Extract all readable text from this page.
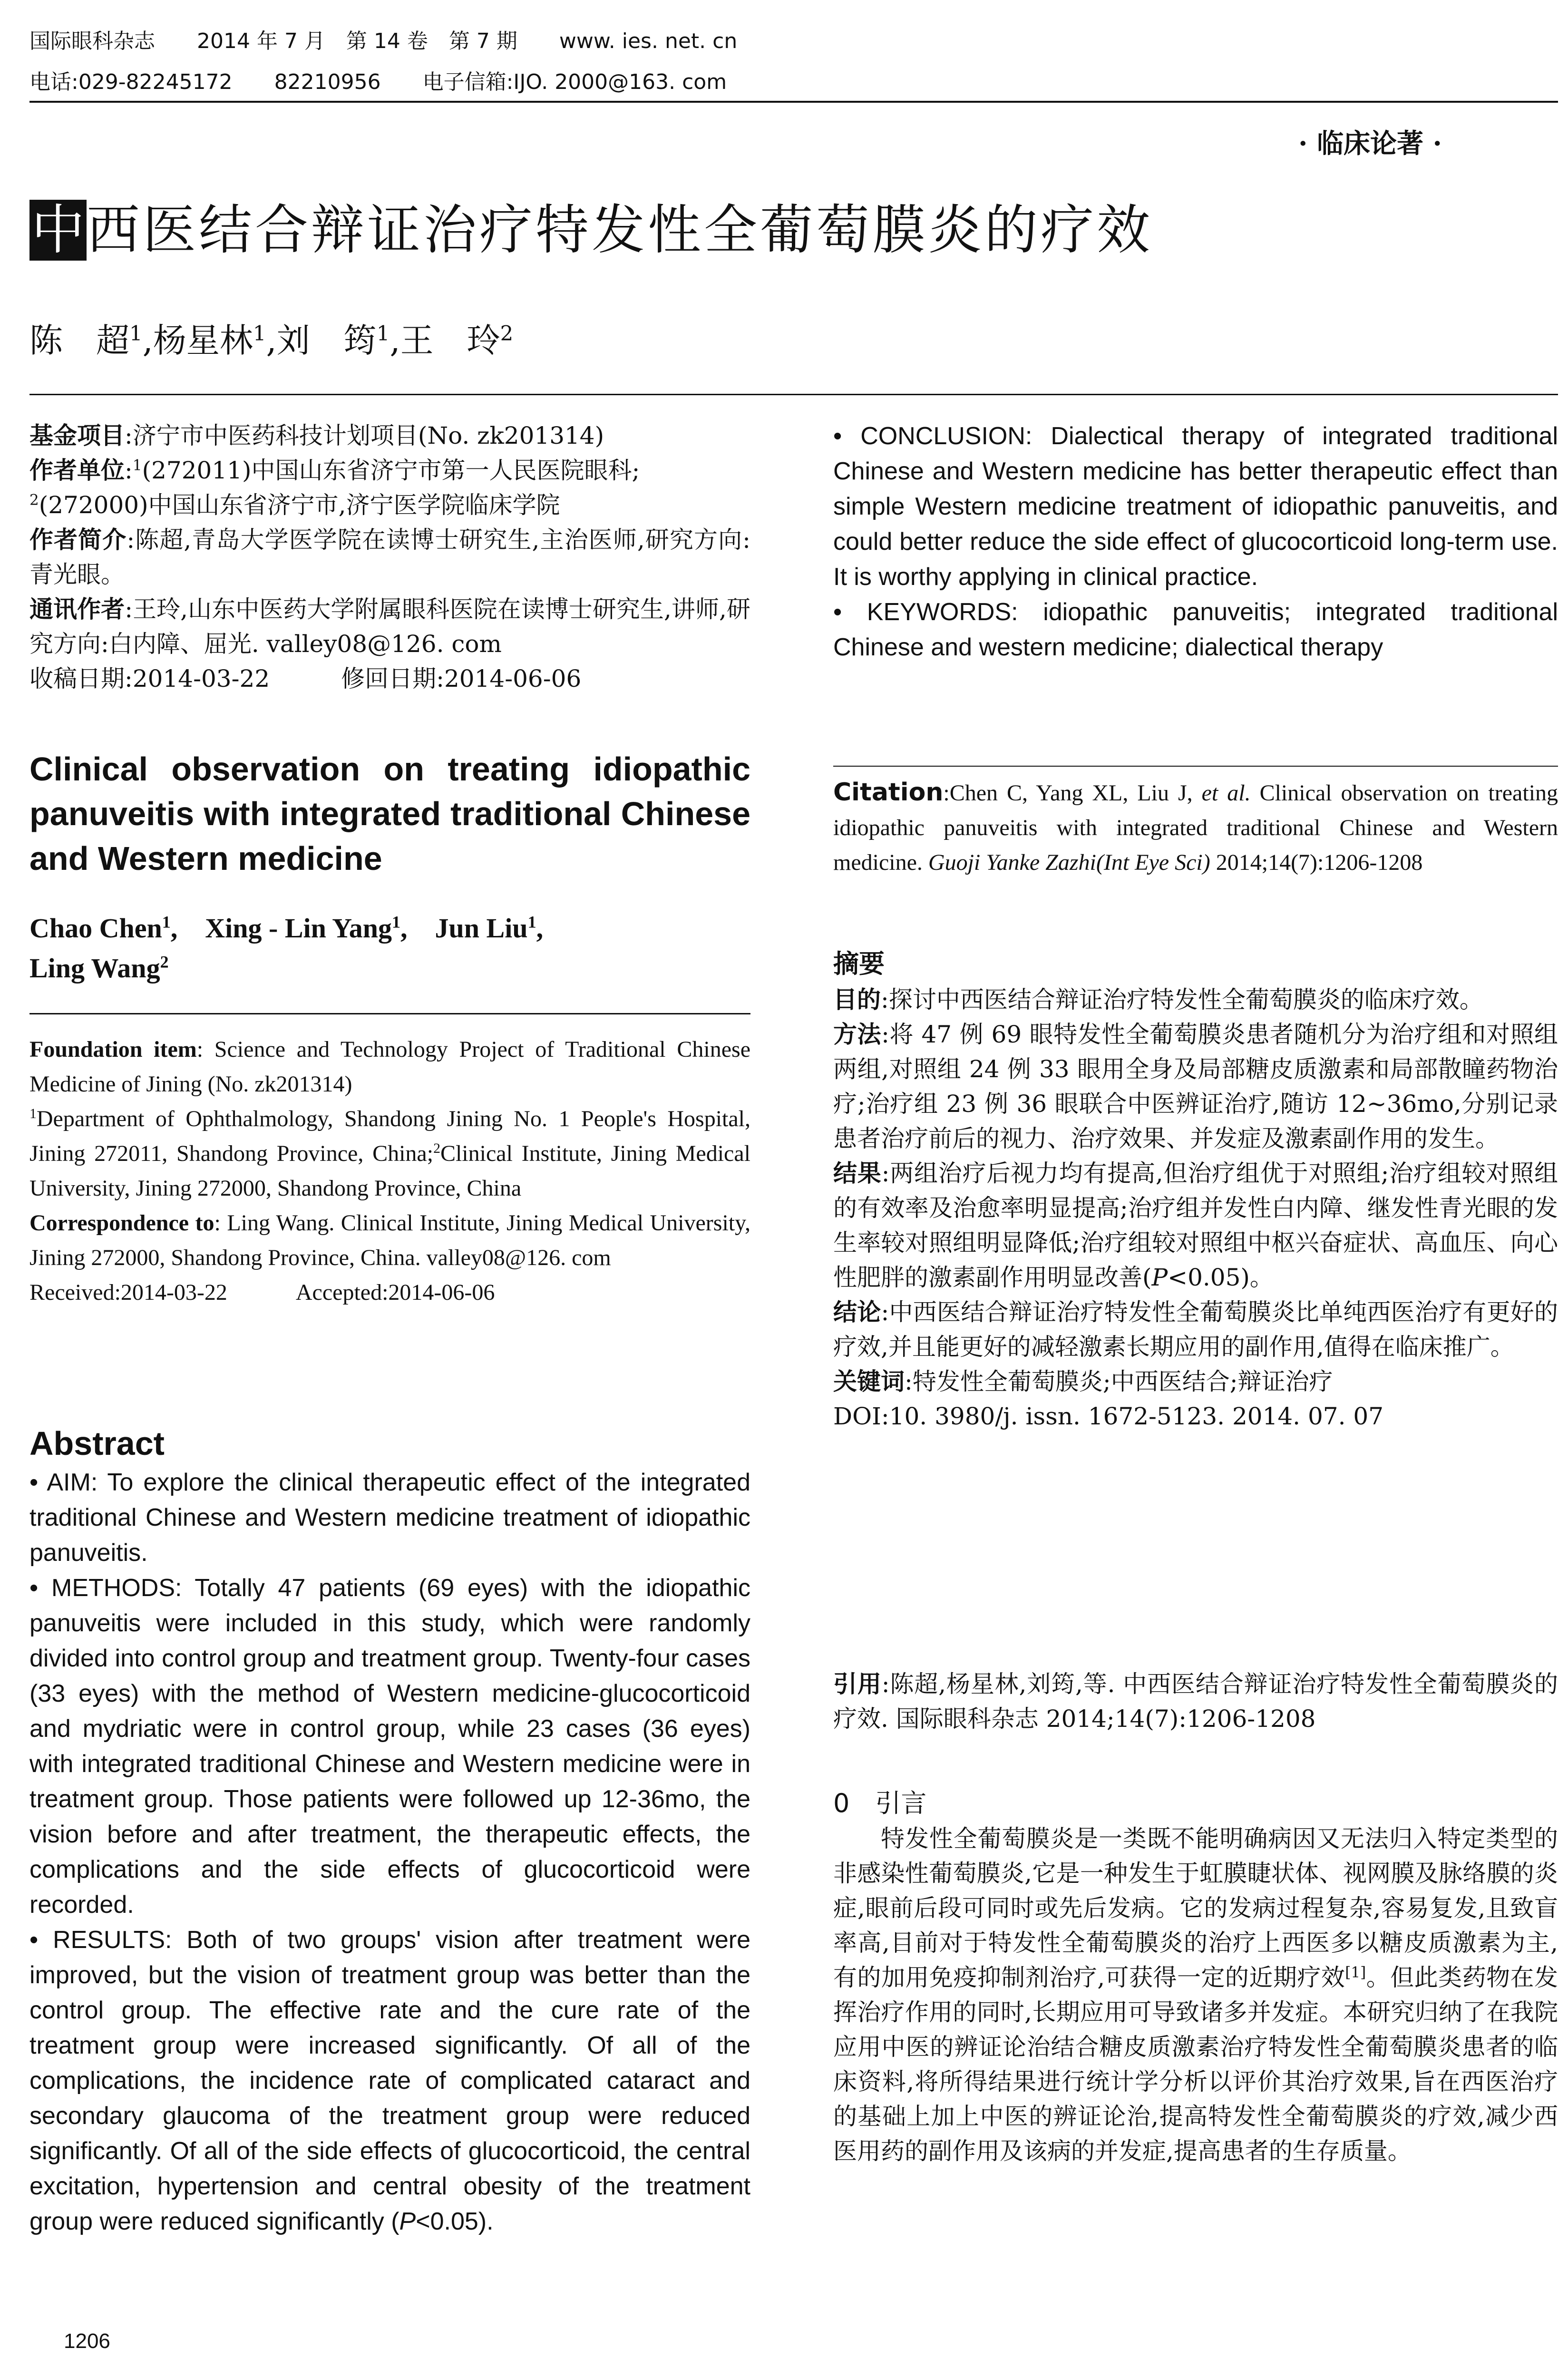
国际眼科杂志　　2014 年 7 月　第 14 卷　第 7 期　　www. ies. net. cn
电话:029-82245172　　82210956　　电子信箱:IJO. 2000@163. com
· 临床论著 ·
中西医结合辩证治疗特发性全葡萄膜炎的疗效
陈　超$^1$,杨星林$^1$,刘　筠$^1$,王　玲$^2$

基金项目:济宁市中医药科技计划项目(No. zk201314)

作者单位:$^1$(272011)中国山东省济宁市第一人民医院眼科;
$^2$(272000)中国山东省济宁市,济宁医学院临床学院

作者简介:陈超,青岛大学医学院在读博士研究生,主治医师,研究方向:青光眼。

通讯作者:王玲,山东中医药大学附属眼科医院在读博士研究生,讲师,研究方向:白内障、屈光. valley08@126. com

收稿日期:2014-03-22　　　修回日期:2014-06-06

Clinical observation on treating idiopathic panuveitis with integrated traditional Chinese and Western medicine
Chao Chen$^1$,　Xing - Lin Yang$^1$,　Jun Liu$^1$,
Ling Wang$^2$

Foundation item: Science and Technology Project of Traditional Chinese Medicine of Jining (No. zk201314)

$^1$Department of Ophthalmology, Shandong Jining No. 1 People's Hospital, Jining 272011, Shandong Province, China;$^2$Clinical Institute, Jining Medical University, Jining 272000, Shandong Province, China

Correspondence to: Ling Wang. Clinical Institute, Jining Medical University, Jining 272000, Shandong Province, China. valley08@126. com

Received:2014-03-22　　　Accepted:2014-06-06

Abstract

• AIM: To explore the clinical therapeutic effect of the integrated traditional Chinese and Western medicine treatment of idiopathic panuveitis.

• METHODS: Totally 47 patients (69 eyes) with the idiopathic panuveitis were included in this study, which were randomly divided into control group and treatment group. Twenty-four cases (33 eyes) with the method of Western medicine-glucocorticoid and mydriatic were in control group, while 23 cases (36 eyes) with integrated traditional Chinese and Western medicine were in treatment group. Those patients were followed up 12-36mo, the vision before and after treatment, the therapeutic effects, the complications and the side effects of glucocorticoid were recorded.

• RESULTS: Both of two groups' vision after treatment were improved, but the vision of treatment group was better than the control group. The effective rate and the cure rate of the treatment group were increased significantly. Of all of the complications, the incidence rate of complicated cataract and secondary glaucoma of the treatment group were reduced significantly. Of all of the side effects of glucocorticoid, the central excitation, hypertension and central obesity of the treatment group were reduced significantly (P<0.05).

1206

• CONCLUSION: Dialectical therapy of integrated traditional Chinese and Western medicine has better therapeutic effect than simple Western medicine treatment of idiopathic panuveitis, and could better reduce the side effect of glucocorticoid long-term use. It is worthy applying in clinical practice.

• KEYWORDS: idiopathic panuveitis; integrated traditional Chinese and western medicine; dialectical therapy

Citation:Chen C, Yang XL, Liu J, et al. Clinical observation on treating idiopathic panuveitis with integrated traditional Chinese and Western medicine. Guoji Yanke Zazhi(Int Eye Sci) 2014;14(7):1206-1208
摘要

目的:探讨中西医结合辩证治疗特发性全葡萄膜炎的临床疗效。

方法:将 47 例 69 眼特发性全葡萄膜炎患者随机分为治疗组和对照组两组,对照组 24 例 33 眼用全身及局部糖皮质激素和局部散瞳药物治疗;治疗组 23 例 36 眼联合中医辨证治疗,随访 12~36mo,分别记录患者治疗前后的视力、治疗效果、并发症及激素副作用的发生。

结果:两组治疗后视力均有提高,但治疗组优于对照组;治疗组较对照组的有效率及治愈率明显提高;治疗组并发性白内障、继发性青光眼的发生率较对照组明显降低;治疗组较对照组中枢兴奋症状、高血压、向心性肥胖的激素副作用明显改善(P<0.05)。

结论:中西医结合辩证治疗特发性全葡萄膜炎比单纯西医治疗有更好的疗效,并且能更好的减轻激素长期应用的副作用,值得在临床推广。

关键词:特发性全葡萄膜炎;中西医结合;辩证治疗

DOI:10. 3980/j. issn. 1672-5123. 2014. 07. 07

引用:陈超,杨星林,刘筠,等. 中西医结合辩证治疗特发性全葡萄膜炎的疗效. 国际眼科杂志 2014;14(7):1206-1208
0　引言
特发性全葡萄膜炎是一类既不能明确病因又无法归入特定类型的非感染性葡萄膜炎,它是一种发生于虹膜睫状体、视网膜及脉络膜的炎症,眼前后段可同时或先后发病。它的发病过程复杂,容易复发,且致盲率高,目前对于特发性全葡萄膜炎的治疗上西医多以糖皮质激素为主,有的加用免疫抑制剂治疗,可获得一定的近期疗效[1]。但此类药物在发挥治疗作用的同时,长期应用可导致诸多并发症。本研究归纳了在我院应用中医的辨证论治结合糖皮质激素治疗特发性全葡萄膜炎患者的临床资料,将所得结果进行统计学分析以评价其治疗效果,旨在西医治疗的基础上加上中医的辨证论治,提高特发性全葡萄膜炎的疗效,减少西医用药的副作用及该病的并发症,提高患者的生存质量。
